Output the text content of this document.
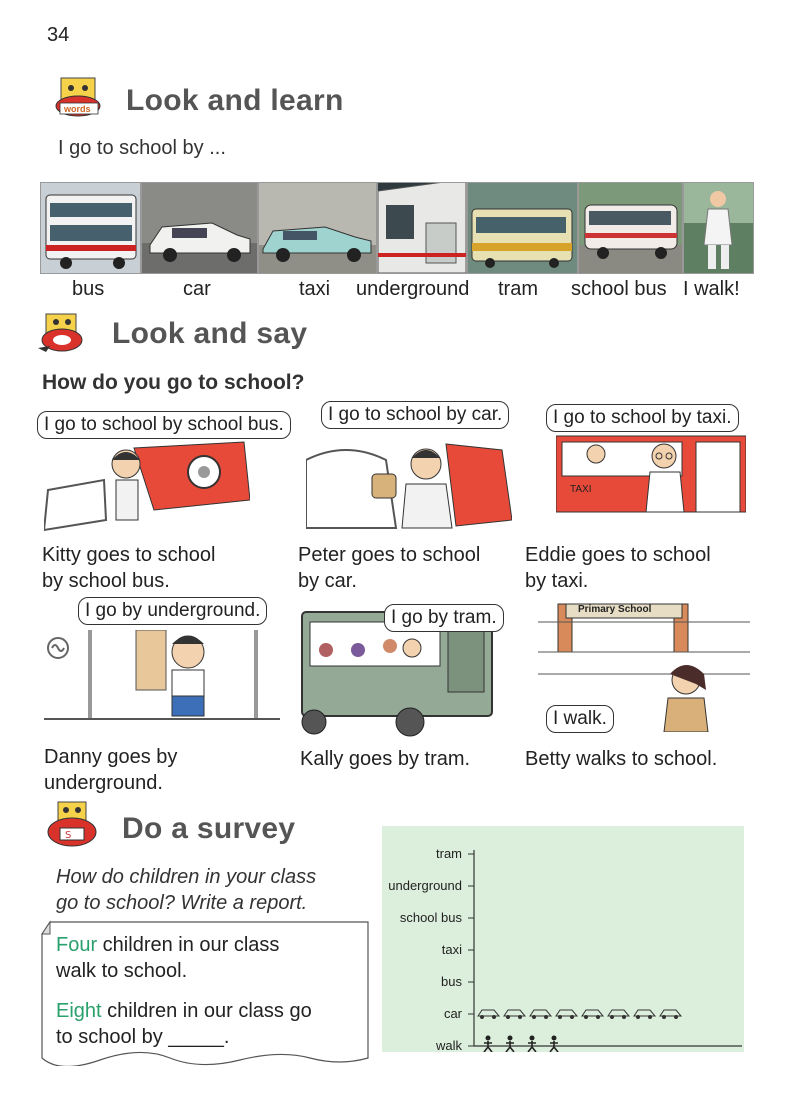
34
words Look and learn
I go to school by ...
bus	car	taxi underground tram school bus I walk!
Look and say
How do you go to school?
I go to school by school bus.
Kitty goes to school
by school bus.
I go to school by car.
Peter goes to school
by car.
TAXI
I go to school by taxi.
Eddie goes to school
by taxi.
I go by underground.
Danny goes by
underground.
I go by tram.
Kally goes by tram.
Primary School
I walk.
Betty walks to school.
S Do a survey
How do children in your class
go to school? Write a report.
Four children in our class
walk to school.
Eight children in our class go
to school by _____.
tram
underground
school bus
taxi
bus
car
walk
